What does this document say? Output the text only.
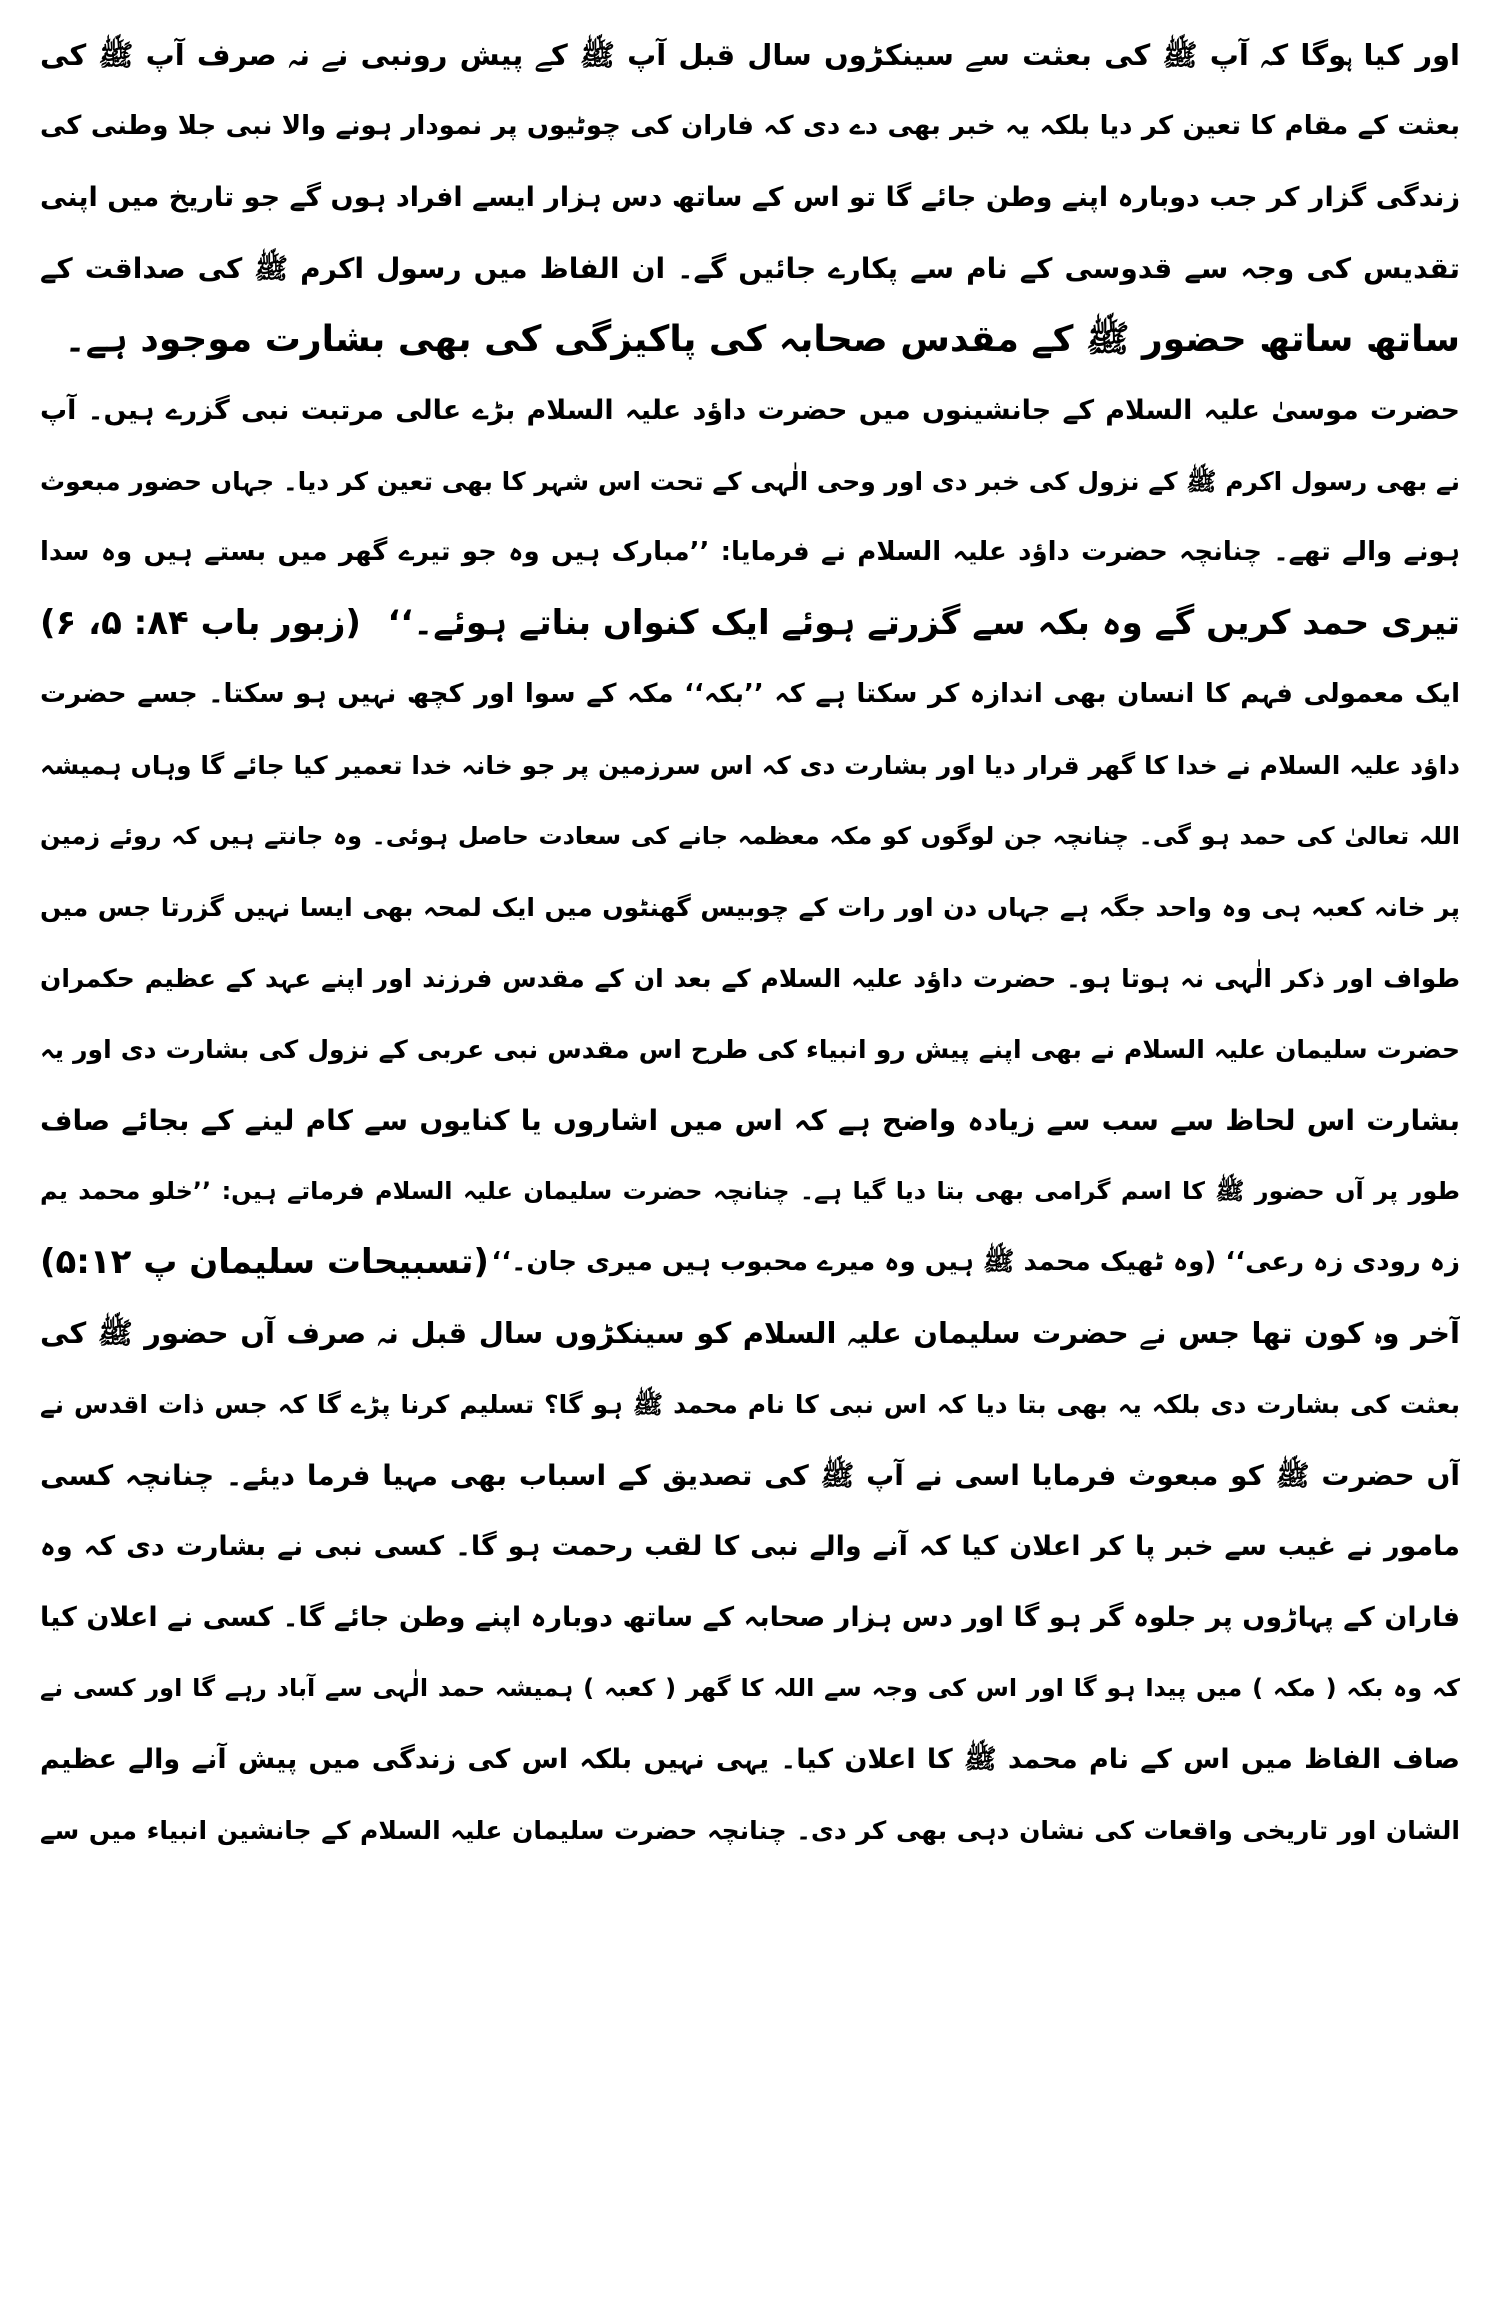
اور کیا ہوگا کہ آپ ﷺ کی بعثت سے سینکڑوں سال قبل آپ ﷺ کے پیش رونبی نے نہ صرف آپ ﷺ کی
بعثت کے مقام کا تعین کر دیا بلکہ یہ خبر بھی دے دی کہ فاران کی چوٹیوں پر نمودار ہونے والا نبی جلا وطنی کی
زندگی گزار کر جب دوبارہ اپنے وطن جائے گا تو اس کے ساتھ دس ہزار ایسے افراد ہوں گے جو تاریخ میں اپنی
تقدیس کی وجہ سے قدوسی کے نام سے پکارے جائیں گے۔ ان الفاظ میں رسول اکرم ﷺ کی صداقت کے
ساتھ ساتھ حضور ﷺ کے مقدس صحابہ کی پاکیزگی کی بھی بشارت موجود ہے۔
حضرت موسیٰ علیہ السلام کے جانشینوں میں حضرت داؤد علیہ السلام بڑے عالی مرتبت نبی گزرے ہیں۔ آپ
نے بھی رسول اکرم ﷺ کے نزول کی خبر دی اور وحی الٰہی کے تحت اس شہر کا بھی تعین کر دیا۔ جہاں حضور مبعوث
ہونے والے تھے۔ چنانچہ حضرت داؤد علیہ السلام نے فرمایا: ’’مبارک ہیں وہ جو تیرے گھر میں بستے ہیں وہ سدا
تیری حمد کریں گے وہ بکہ سے گزرتے ہوئے ایک کنواں بناتے ہوئے۔‘‘
(زبور باب ۸۴: ۵، ۶)
ایک معمولی فہم کا انسان بھی اندازہ کر سکتا ہے کہ ’’بکہ‘‘ مکہ کے سوا اور کچھ نہیں ہو سکتا۔ جسے حضرت
داؤد علیہ السلام نے خدا کا گھر قرار دیا اور بشارت دی کہ اس سرزمین پر جو خانہ خدا تعمیر کیا جائے گا وہاں ہمیشہ
اللہ تعالیٰ کی حمد ہو گی۔ چنانچہ جن لوگوں کو مکہ معظمہ جانے کی سعادت حاصل ہوئی۔ وہ جانتے ہیں کہ روئے زمین
پر خانہ کعبہ ہی وہ واحد جگہ ہے جہاں دن اور رات کے چوبیس گھنٹوں میں ایک لمحہ بھی ایسا نہیں گزرتا جس میں
طواف اور ذکر الٰہی نہ ہوتا ہو۔ حضرت داؤد علیہ السلام کے بعد ان کے مقدس فرزند اور اپنے عہد کے عظیم حکمران
حضرت سلیمان علیہ السلام نے بھی اپنے پیش رو انبیاء کی طرح اس مقدس نبی عربی کے نزول کی بشارت دی اور یہ
بشارت اس لحاظ سے سب سے زیادہ واضح ہے کہ اس میں اشاروں یا کنایوں سے کام لینے کے بجائے صاف
طور پر آں حضور ﷺ کا اسم گرامی بھی بتا دیا گیا ہے۔ چنانچہ حضرت سلیمان علیہ السلام فرماتے ہیں: ’’خلو محمد یم
زہ رودی زہ رعی‘‘ (وہ ٹھیک محمد ﷺ ہیں وہ میرے محبوب ہیں میری جان۔‘‘
(تسبیحات سلیمان پ ۵:۱۲)
آخر وہ کون تھا جس نے حضرت سلیمان علیہ السلام کو سینکڑوں سال قبل نہ صرف آں حضور ﷺ کی
بعثت کی بشارت دی بلکہ یہ بھی بتا دیا کہ اس نبی کا نام محمد ﷺ ہو گا؟ تسلیم کرنا پڑے گا کہ جس ذات اقدس نے
آں حضرت ﷺ کو مبعوث فرمایا اسی نے آپ ﷺ کی تصدیق کے اسباب بھی مہیا فرما دیئے۔ چنانچہ کسی
مامور نے غیب سے خبر پا کر اعلان کیا کہ آنے والے نبی کا لقب رحمت ہو گا۔ کسی نبی نے بشارت دی کہ وہ
فاران کے پہاڑوں پر جلوہ گر ہو گا اور دس ہزار صحابہ کے ساتھ دوبارہ اپنے وطن جائے گا۔ کسی نے اعلان کیا
کہ وہ بکہ ( مکہ ) میں پیدا ہو گا اور اس کی وجہ سے اللہ کا گھر ( کعبہ ) ہمیشہ حمد الٰہی سے آباد رہے گا اور کسی نے
صاف الفاظ میں اس کے نام محمد ﷺ کا اعلان کیا۔ یہی نہیں بلکہ اس کی زندگی میں پیش آنے والے عظیم
الشان اور تاریخی واقعات کی نشان دہی بھی کر دی۔ چنانچہ حضرت سلیمان علیہ السلام کے جانشین انبیاء میں سے
